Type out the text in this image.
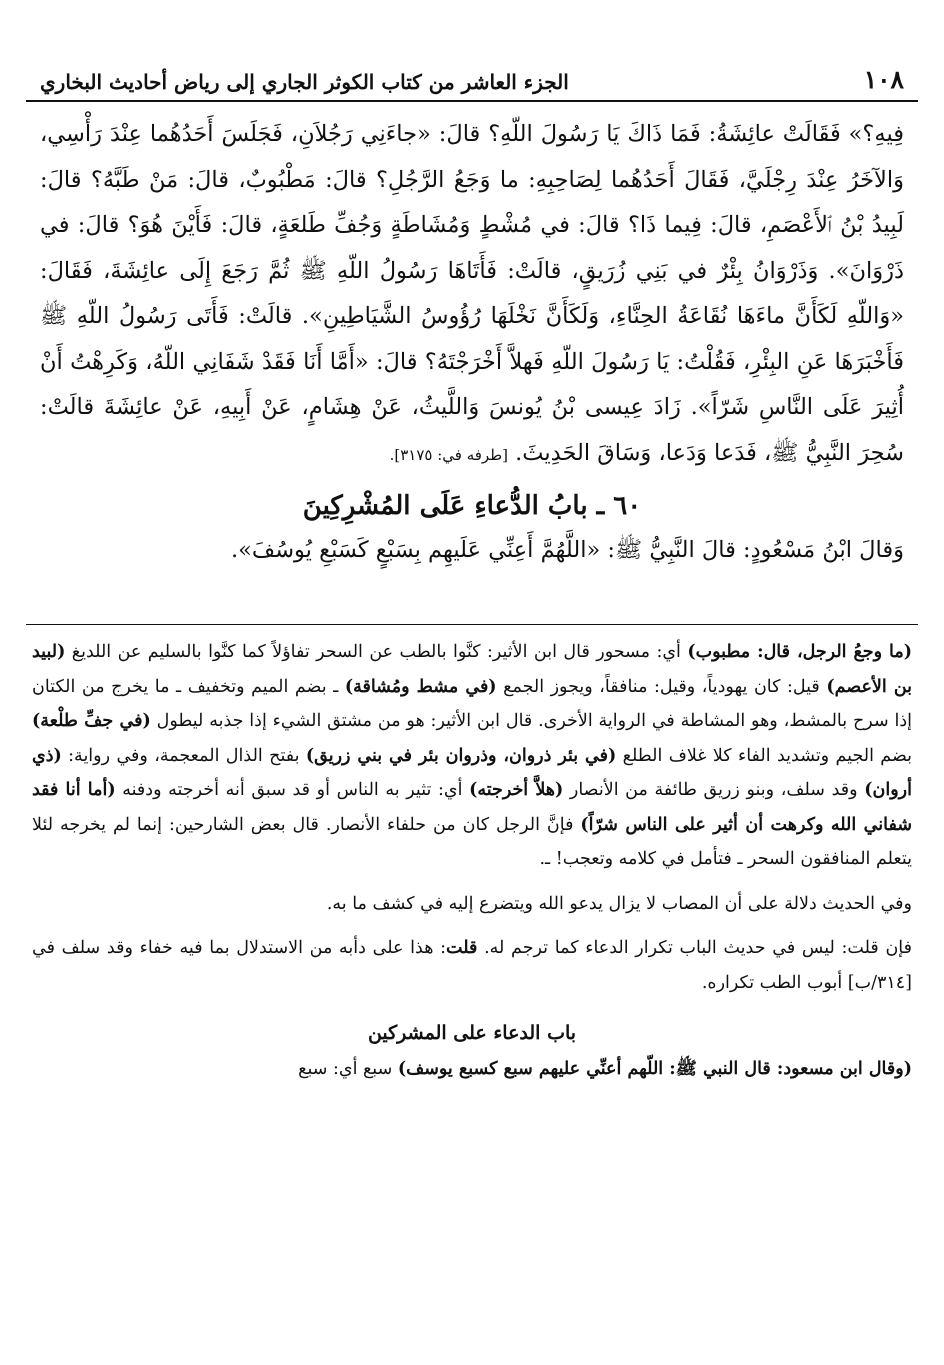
١٠٨
الجزء العاشر من كتاب الكوثر الجاري إلى رياض أحاديث البخاري

فِيهِ؟» فَقَالَتْ عائِشَةُ: فَمَا ذَاكَ يَا رَسُولَ اللّهِ؟ قالَ: «جاءَنِي رَجُلاَنِ، فَجَلَسَ أَحَدُهُما عِنْدَ رَأْسِي، وَالآخَرُ عِنْدَ رِجْلَيَّ، فَقَالَ أَحَدُهُما لِصَاحِبِهِ: ما وَجَعُ الرَّجُلِ؟ قالَ: مَطْبُوبٌ، قالَ: مَنْ طَبَّهُ؟ قالَ: لَبِيدُ بْنُ ٱلأَعْصَمِ، قالَ: فِيما ذَا؟ قالَ: في مُشْطٍ وَمُشَاطَةٍ وَجُفِّ طَلعَةٍ، قالَ: فَأَيْنَ هُوَ؟ قالَ: في ذَرْوَانَ». وَذَرْوَانُ بِئْرٌ في بَنِي زُرَيقٍ، قالَتْ: فَأَتَاهَا رَسُولُ اللّهِ ﷺ ثُمَّ رَجَعَ إِلَى عائِشَةَ، فَقَالَ: «وَاللّهِ لَكَأَنَّ ماءَهَا نُقَاعَةُ الحِنَّاءِ، وَلَكَأَنَّ نَخْلَهَا رُؤُوسُ الشَّيَاطِينِ». قالَتْ: فَأَتَى رَسُولُ اللّهِ ﷺ فَأَخْبَرَهَا عَنِ البِئْرِ، فَقُلْتُ: يَا رَسُولَ اللّهِ فَهلاَّ أَخْرَجْتَهُ؟ قالَ: «أَمَّا أَنَا فَقَدْ شَفَانِي اللّهُ، وَكَرِهْتُ أَنْ أُثِيرَ عَلَى النَّاسِ شَرّاً». زَادَ عِيسى بْنُ يُونسَ وَاللَّيثُ، عَنْ هِشَامٍ، عَنْ أَبِيهِ، عَنْ عائِشَةَ قالَتْ: سُحِرَ النَّبِيُّ ﷺ، فَدَعا وَدَعا، وَسَاقَ الحَدِيثَ. [طرفه في: ٣١٧٥].

٦٠ ـ بابُ الدُّعاءِ عَلَى المُشْرِكِينَ

وَقالَ ابْنُ مَسْعُودٍ: قالَ النَّبِيُّ ﷺ: «اللَّهُمَّ أَعِنِّي عَلَيهِم بِسَبْعٍ كَسَبْعِ يُوسُفَ».

(ما وجعُ الرجل، قال: مطبوب) أي: مسحور قال ابن الأثير: كنَّوا بالطب عن السحر تفاؤلاً كما كنَّوا بالسليم عن اللديغ (لبيد بن الأعصم) قيل: كان يهودياً، وقيل: منافقاً، ويجوز الجمع (في مشط ومُشاقة) ـ بضم الميم وتخفيف ـ ما يخرج من الكتان إذا سرح بالمشط، وهو المشاطة في الرواية الأخرى. قال ابن الأثير: هو من مشتق الشيء إذا جذبه ليطول (في جفِّ طلْعة) بضم الجيم وتشديد الفاء كلا غلاف الطلع (في بئر ذروان، وذروان بئر في بني زريق) بفتح الذال المعجمة، وفي رواية: (ذي أروان) وقد سلف، وبنو زريق طائفة من الأنصار (هلاَّ أخرجته) أي: تثير به الناس أو قد سبق أنه أخرجته ودفنه (أما أنا فقد شفاني الله وكرهت أن أثير على الناس شرّاً) فإنَّ الرجل كان من حلفاء الأنصار. قال بعض الشارحين: إنما لم يخرجه لئلا يتعلم المنافقون السحر ـ فتأمل في كلامه وتعجب! ـ.

وفي الحديث دلالة على أن المصاب لا يزال يدعو الله ويتضرع إليه في كشف ما به.

فإن قلت: ليس في حديث الباب تكرار الدعاء كما ترجم له. قلت: هذا على دأبه من الاستدلال بما فيه خفاء وقد سلف في [٣١٤/ب] أبوب الطب تكراره.

باب الدعاء على المشركين

(وقال ابن مسعود: قال النبي ﷺ: اللّهم أعنِّي عليهم سبع كسبع يوسف) سبع أي: سبع
